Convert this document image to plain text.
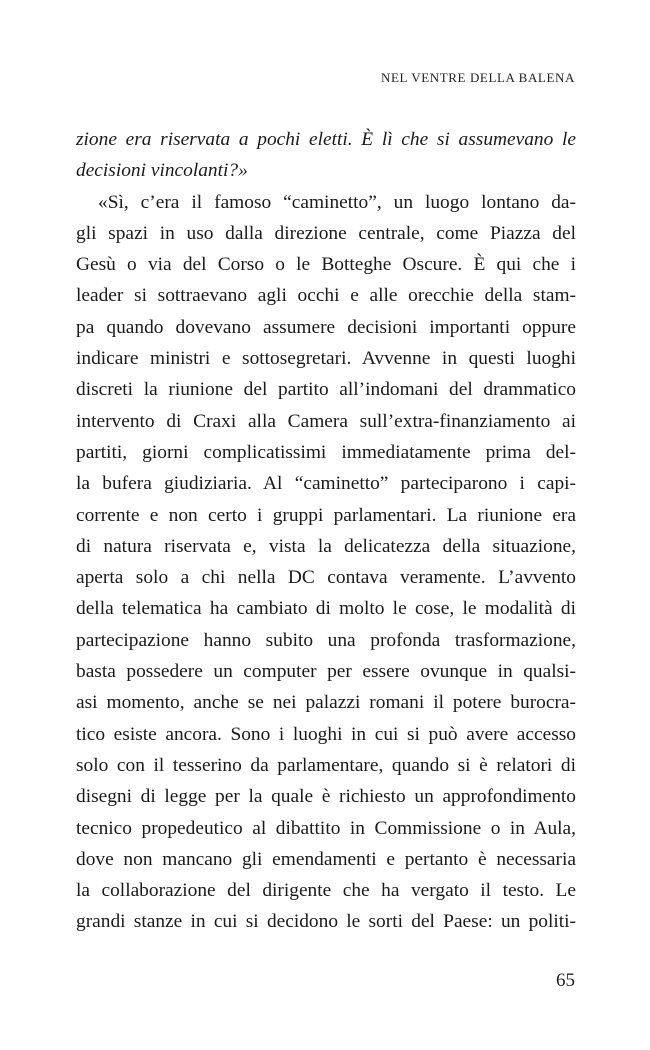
NEL VENTRE DELLA BALENA
zione era riservata a pochi eletti. È lì che si assumevano le
decisioni vincolanti?»
«Sì, c’era il famoso “caminetto”, un luogo lontano da-
gli spazi in uso dalla direzione centrale, come Piazza del
Gesù o via del Corso o le Botteghe Oscure. È qui che i
leader si sottraevano agli occhi e alle orecchie della stam-
pa quando dovevano assumere decisioni importanti oppure
indicare ministri e sottosegretari. Avvenne in questi luoghi
discreti la riunione del partito all’indomani del drammatico
intervento di Craxi alla Camera sull’extra-finanziamento ai
partiti, giorni complicatissimi immediatamente prima del-
la bufera giudiziaria. Al “caminetto” parteciparono i capi-
corrente e non certo i gruppi parlamentari. La riunione era
di natura riservata e, vista la delicatezza della situazione,
aperta solo a chi nella DC contava veramente. L’avvento
della telematica ha cambiato di molto le cose, le modalità di
partecipazione hanno subito una profonda trasformazione,
basta possedere un computer per essere ovunque in qualsi-
asi momento, anche se nei palazzi romani il potere burocra-
tico esiste ancora. Sono i luoghi in cui si può avere accesso
solo con il tesserino da parlamentare, quando si è relatori di
disegni di legge per la quale è richiesto un approfondimento
tecnico propedeutico al dibattito in Commissione o in Aula,
dove non mancano gli emendamenti e pertanto è necessaria
la collaborazione del dirigente che ha vergato il testo. Le
grandi stanze in cui si decidono le sorti del Paese: un politi-
65
